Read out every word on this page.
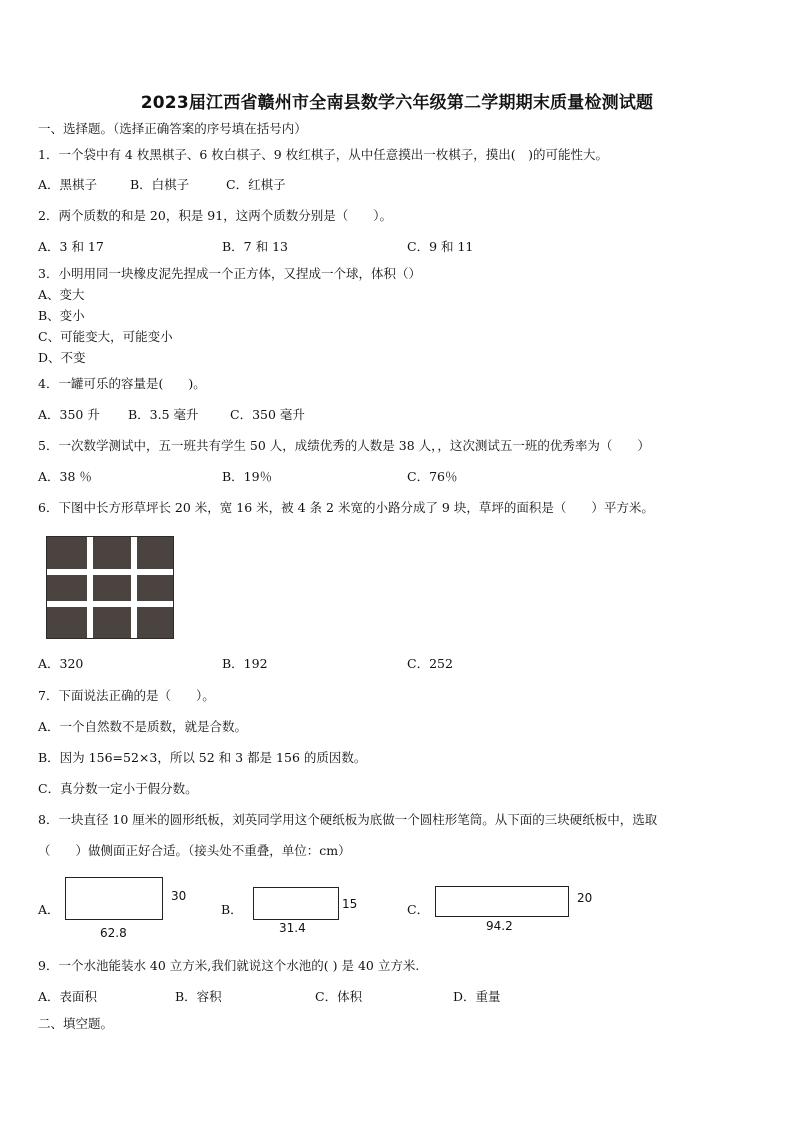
2023届江西省赣州市全南县数学六年级第二学期期末质量检测试题
一、选择题。（选择正确答案的序号填在括号内）
1．一个袋中有 4 枚黑棋子、6 枚白棋子、9 枚红棋子，从中任意摸出一枚棋子，摸出(　)的可能性大。
A．黑棋子	B．白棋子	C．红棋子
2．两个质数的和是 20，积是 91，这两个质数分别是（　　）。
A．3 和 17	B．7 和 13	C．9 和 11
3．小明用同一块橡皮泥先捏成一个正方体，又捏成一个球，体积（）
A、变大
B、变小
C、可能变大，可能变小
D、不变
4．一罐可乐的容量是(　　)。
A．350 升 B．3.5 毫升	C．350 毫升
5．一次数学测试中，五一班共有学生 50 人，成绩优秀的人数是 38 人，，这次测试五一班的优秀率为（　　）
A．38 ％	B．19％	C．76％
6．下图中长方形草坪长 20 米，宽 16 米，被 4 条 2 米宽的小路分成了 9 块，草坪的面积是（　　）平方米。
A．320	B．192	C．252
7．下面说法正确的是（　　）。
A．一个自然数不是质数，就是合数。
B．因为 156=52×3，所以 52 和 3 都是 156 的质因数。
C．真分数一定小于假分数。
8．一块直径 10 厘米的圆形纸板，刘英同学用这个硬纸板为底做一个圆柱形笔筒。从下面的三块硬纸板中，选取
（　　）做侧面正好合适。（接头处不重叠，单位：cm）
A．
30
62.8
B．	15
31.4
C．
20
94.2
9．一个水池能装水 40 立方米,我们就说这个水池的( ) 是 40 立方米.
A．表面积	B．容积	C．体积	D．重量
二、填空题。
